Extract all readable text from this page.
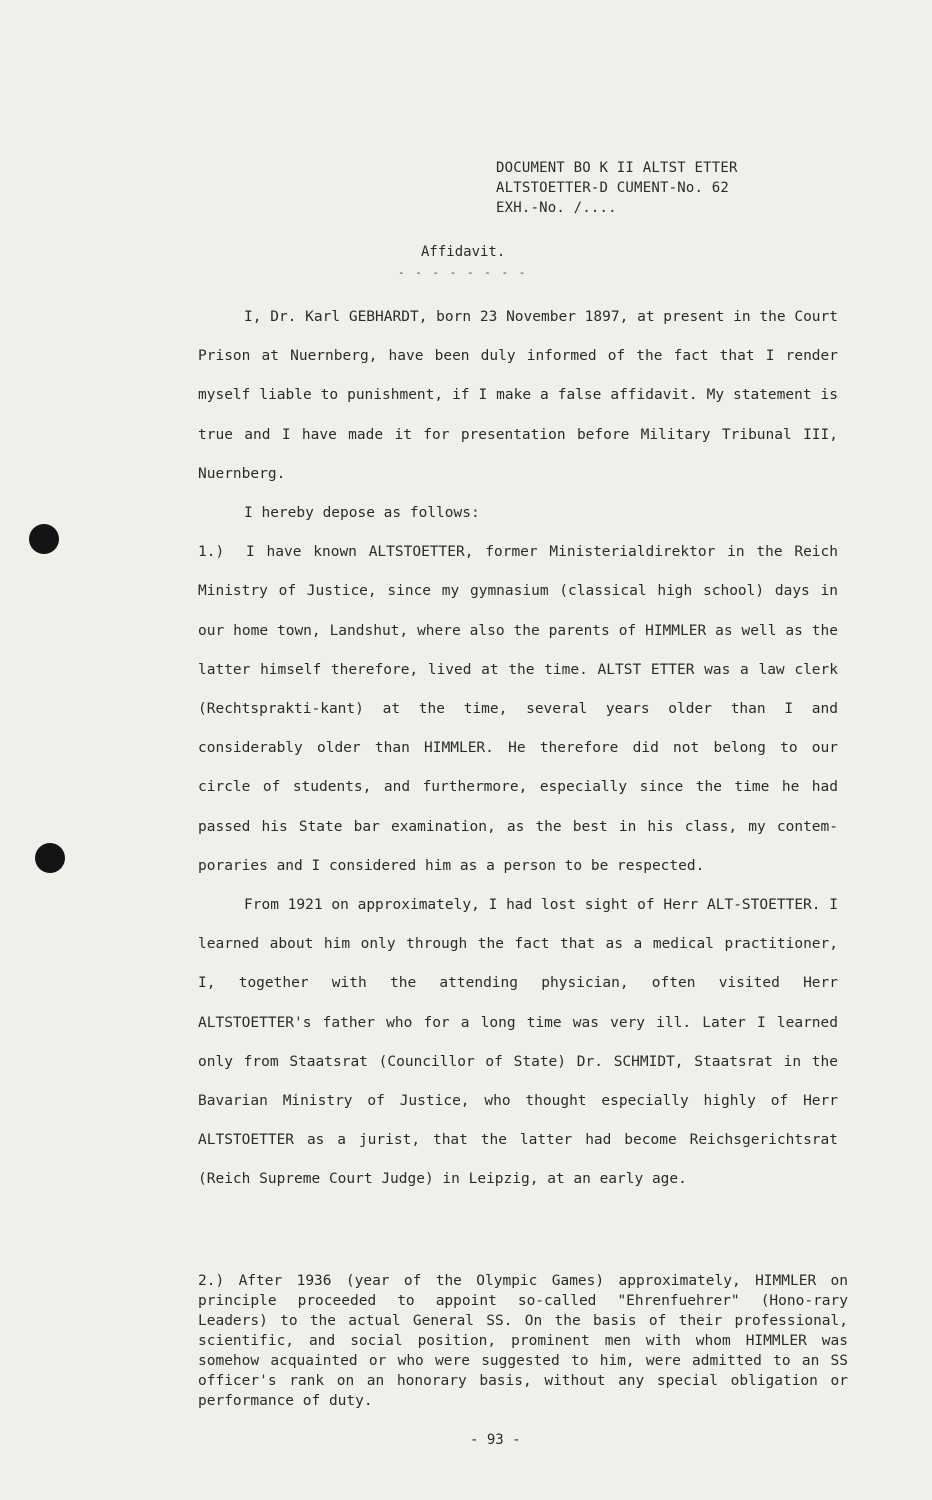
DOCUMENT BO K II ALTST ETTER
ALTSTOETTER-D CUMENT-No. 62
EXH.-No. /....
Affidavit.
- - - - - - - -

I, Dr. Karl GEBHARDT, born 23 November 1897, at present in the Court Prison at Nuernberg, have been duly informed of the fact that I render myself liable to punishment, if I make a false affidavit. My statement is true and I have made it for presentation before Military Tribunal III, Nuernberg.

I hereby depose as follows:

1.) I have known ALTSTOETTER, former Ministerialdirektor in the Reich Ministry of Justice, since my gymnasium (classical high school) days in our home town, Landshut, where also the parents of HIMMLER as well as the latter himself therefore, lived at the time. ALTST ETTER was a law clerk (Rechtsprakti-kant) at the time, several years older than I and considerably older than HIMMLER. He therefore did not belong to our circle of students, and furthermore, especially since the time he had passed his State bar examination, as the best in his class, my contem-poraries and I considered him as a person to be respected.

From 1921 on approximately, I had lost sight of Herr ALT-STOETTER. I learned about him only through the fact that as a medical practitioner, I, together with the attending physician, often visited Herr ALTSTOETTER's father who for a long time was very ill. Later I learned only from Staatsrat (Councillor of State) Dr. SCHMIDT, Staatsrat in the Bavarian Ministry of Justice, who thought especially highly of Herr ALTSTOETTER as a jurist, that the latter had become Reichsgerichtsrat (Reich Supreme Court Judge) in Leipzig, at an early age.

2.) After 1936 (year of the Olympic Games) approximately, HIMMLER on principle proceeded to appoint so-called "Ehrenfuehrer" (Hono-rary Leaders) to the actual General SS. On the basis of their professional, scientific, and social position, prominent men with whom HIMMLER was somehow acquainted or who were suggested to him, were admitted to an SS officer's rank on an honorary basis, without any special obligation or performance of duty.

- 93 -
